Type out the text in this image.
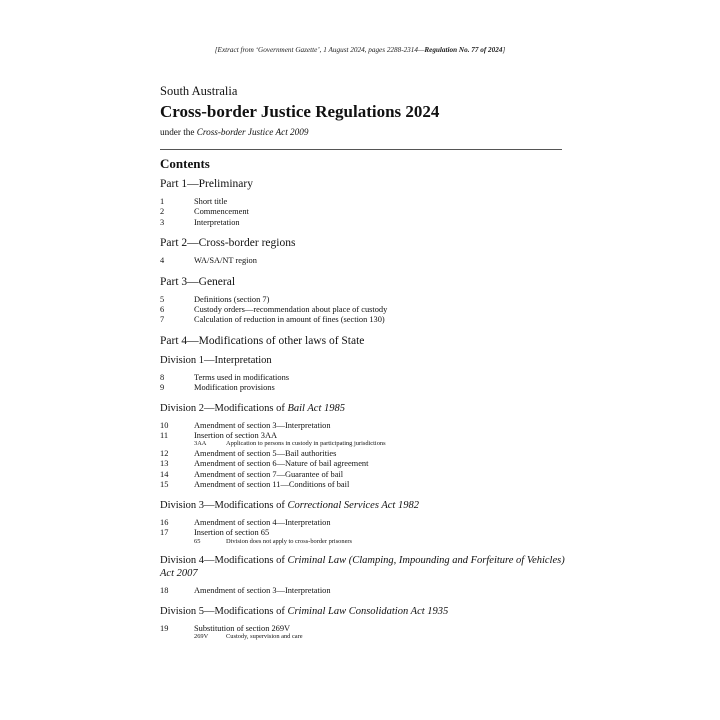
[Extract from ‘Government Gazette’, 1 August 2024, pages 2288-2314—Regulation No. 77 of 2024]
South Australia
Cross-border Justice Regulations 2024
under the Cross-border Justice Act 2009
Contents
Part 1—Preliminary
1	Short title
2	Commencement
3	Interpretation
Part 2—Cross-border regions
4	WA/SA/NT region
Part 3—General
5	Definitions (section 7)
6	Custody orders—recommendation about place of custody
7	Calculation of reduction in amount of fines (section 130)
Part 4—Modifications of other laws of State
Division 1—Interpretation
8	Terms used in modifications
9	Modification provisions
Division 2—Modifications of Bail Act 1985
10	Amendment of section 3—Interpretation
11	Insertion of section 3AA
3AA	Application to persons in custody in participating jurisdictions
12	Amendment of section 5—Bail authorities
13	Amendment of section 6—Nature of bail agreement
14	Amendment of section 7—Guarantee of bail
15	Amendment of section 11—Conditions of bail
Division 3—Modifications of Correctional Services Act 1982
16	Amendment of section 4—Interpretation
17	Insertion of section 65
65	Division does not apply to cross-border prisoners
Division 4—Modifications of Criminal Law (Clamping, Impounding and Forfeiture of Vehicles) Act 2007
18	Amendment of section 3—Interpretation
Division 5—Modifications of Criminal Law Consolidation Act 1935
19	Substitution of section 269V
269V	Custody, supervision and care
